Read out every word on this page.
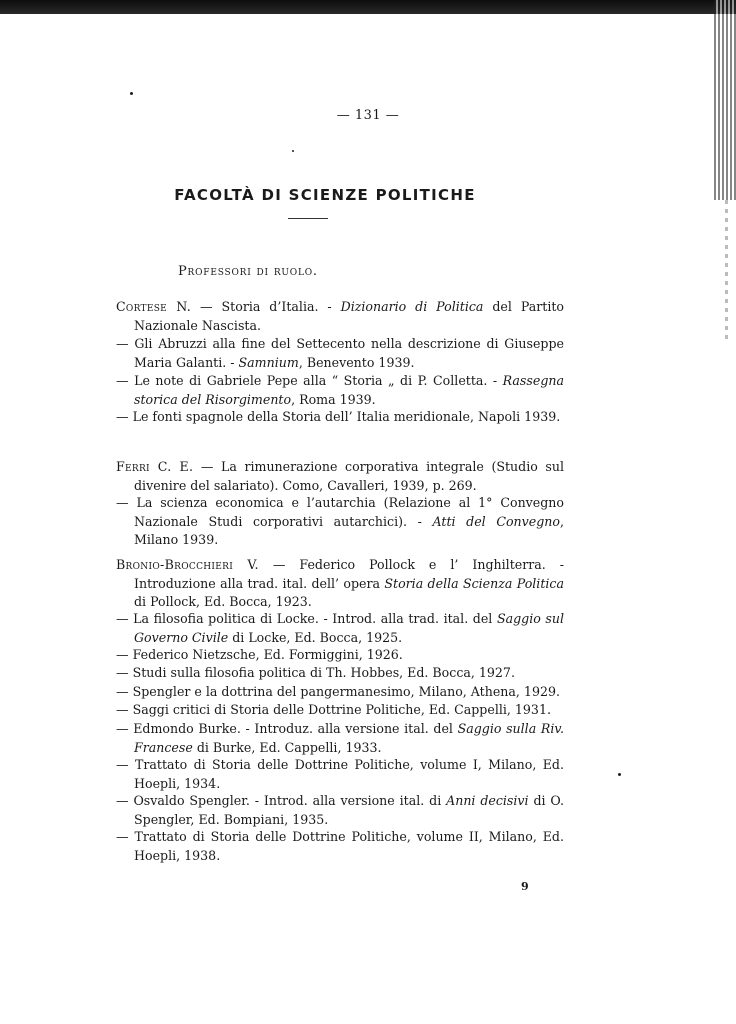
— 131 —
FACOLTÀ DI SCIENZE POLITICHE
Professori di ruolo.
Cortese N. — Storia d’Italia. - Dizionario di Politica del Partito Nazionale Nascista.
— Gli Abruzzi alla fine del Settecento nella descrizione di Giuseppe Maria Galanti. - Samnium, Benevento 1939.
— Le note di Gabriele Pepe alla “ Storia „ di P. Colletta. - Rassegna storica del Risorgimento, Roma 1939.
— Le fonti spagnole della Storia dell’ Italia meridionale, Napoli 1939.
Ferri C. E. — La rimunerazione corporativa integrale (Studio sul divenire del salariato). Como, Cavalleri, 1939, p. 269.
— La scienza economica e l’autarchia (Relazione al 1° Convegno Nazionale Studi corporativi autarchici). - Atti del Convegno, Milano 1939.
Bronio-Brocchieri V. — Federico Pollock e l’ Inghilterra. - Introduzione alla trad. ital. dell’ opera Storia della Scienza Politica di Pollock, Ed. Bocca, 1923.
— La filosofia politica di Locke. - Introd. alla trad. ital. del Saggio sul Governo Civile di Locke, Ed. Bocca, 1925.
— Federico Nietzsche, Ed. Formiggini, 1926.
— Studi sulla filosofia politica di Th. Hobbes, Ed. Bocca, 1927.
— Spengler e la dottrina del pangermanesimo, Milano, Athena, 1929.
— Saggi critici di Storia delle Dottrine Politiche, Ed. Cappelli, 1931.
— Edmondo Burke. - Introduz. alla versione ital. del Saggio sulla Riv. Francese di Burke, Ed. Cappelli, 1933.
— Trattato di Storia delle Dottrine Politiche, volume I, Milano, Ed. Hoepli, 1934.
— Osvaldo Spengler. - Introd. alla versione ital. di Anni decisivi di O. Spengler, Ed. Bompiani, 1935.
— Trattato di Storia delle Dottrine Politiche, volume II, Milano, Ed. Hoepli, 1938.
9
